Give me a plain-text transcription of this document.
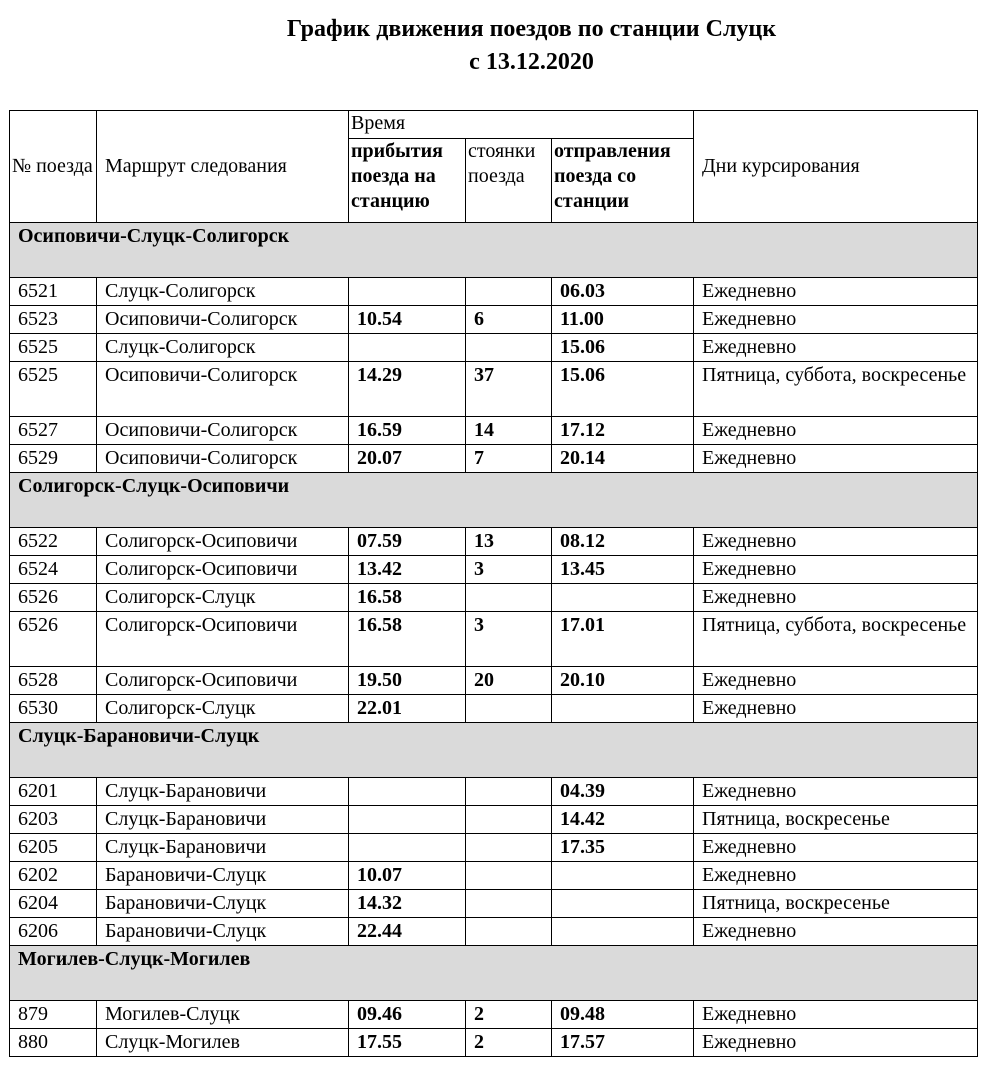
График движения поездов по станции Слуцк
с 13.12.2020
№ поезда	Маршрут следования	Время			Дни курсирования
		прибытия поезда на станцию	стоянки поезда	отправления поезда со станции	
Осиповичи-Слуцк-Солигорск					
6521	Слуцк-Солигорск			06.03	Ежедневно
6523	Осиповичи-Солигорск	10.54	6	11.00	Ежедневно
6525	Слуцк-Солигорск			15.06	Ежедневно
6525	Осиповичи-Солигорск	14.29	37	15.06	Пятница, суббота, воскресенье
6527	Осиповичи-Солигорск	16.59	14	17.12	Ежедневно
6529	Осиповичи-Солигорск	20.07	7	20.14	Ежедневно
Солигорск-Слуцк-Осиповичи					
6522	Солигорск-Осиповичи	07.59	13	08.12	Ежедневно
6524	Солигорск-Осиповичи	13.42	3	13.45	Ежедневно
6526	Солигорск-Слуцк	16.58			Ежедневно
6526	Солигорск-Осиповичи	16.58	3	17.01	Пятница, суббота, воскресенье
6528	Солигорск-Осиповичи	19.50	20	20.10	Ежедневно
6530	Солигорск-Слуцк	22.01			Ежедневно
Слуцк-Барановичи-Слуцк					
6201	Слуцк-Барановичи			04.39	Ежедневно
6203	Слуцк-Барановичи			14.42	Пятница, воскресенье
6205	Слуцк-Барановичи			17.35	Ежедневно
6202	Барановичи-Слуцк	10.07			Ежедневно
6204	Барановичи-Слуцк	14.32			Пятница, воскресенье
6206	Барановичи-Слуцк	22.44			Ежедневно
Могилев-Слуцк-Могилев					
879	Могилев-Слуцк	09.46	2	09.48	Ежедневно
880	Слуцк-Могилев	17.55	2	17.57	Ежедневно
